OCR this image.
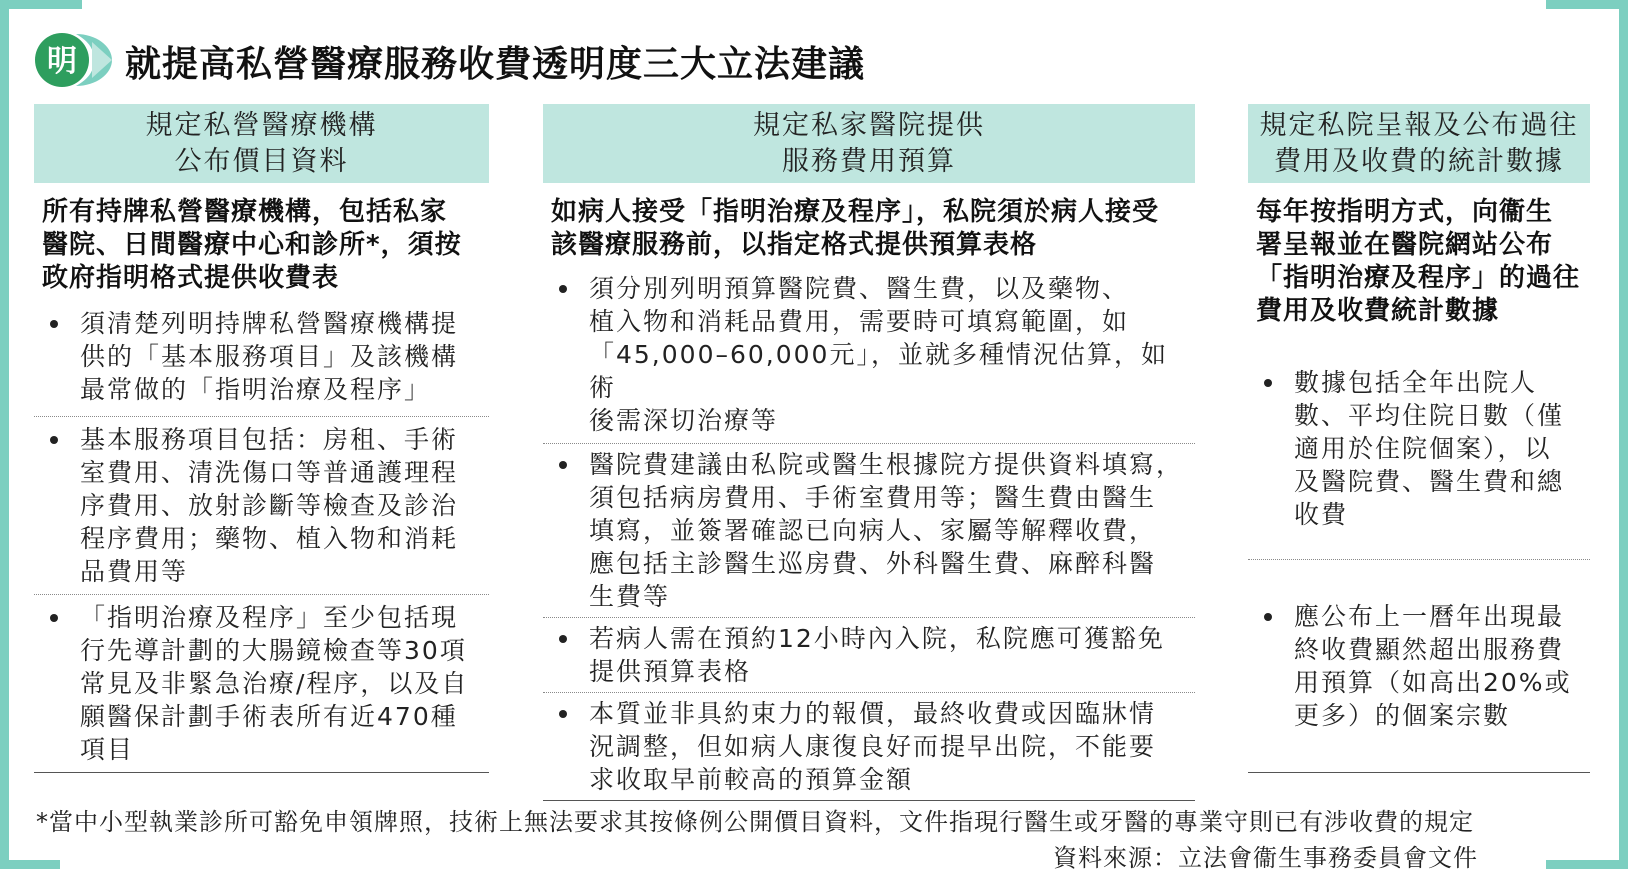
明 就提高私營醫療服務收費透明度三大立法建議
規定私營醫療機構
公布價目資料
所有持牌私營醫療機構，包括私家
醫院、日間醫療中心和診所*，須按
政府指明格式提供收費表
須清楚列明持牌私營醫療機構提
供的「基本服務項目」及該機構
最常做的「指明治療及程序」
基本服務項目包括：房租、手術
室費用、清洗傷口等普通護理程
序費用、放射診斷等檢查及診治
程序費用；藥物、植入物和消耗
品費用等
「指明治療及程序」至少包括現
行先導計劃的大腸鏡檢查等30項
常見及非緊急治療/程序，以及自
願醫保計劃手術表所有近470種
項目
規定私家醫院提供
服務費用預算
如病人接受「指明治療及程序」，私院須於病人接受
該醫療服務前，以指定格式提供預算表格
須分別列明預算醫院費、醫生費，以及藥物、
植入物和消耗品費用，需要時可填寫範圍，如
「45,000–60,000元」，並就多種情況估算，如術
後需深切治療等
醫院費建議由私院或醫生根據院方提供資料填寫，
須包括病房費用、手術室費用等；醫生費由醫生
填寫，並簽署確認已向病人、家屬等解釋收費，
應包括主診醫生巡房費、外科醫生費、麻醉科醫
生費等
若病人需在預約12小時內入院，私院應可獲豁免
提供預算表格
本質並非具約束力的報價，最終收費或因臨牀情
況調整，但如病人康復良好而提早出院，不能要
求收取早前較高的預算金額
規定私院呈報及公布過往
費用及收費的統計數據
每年按指明方式，向衞生
署呈報並在醫院網站公布
「指明治療及程序」的過往
費用及收費統計數據
數據包括全年出院人
數、平均住院日數（僅
適用於住院個案），以
及醫院費、醫生費和總
收費
應公布上一曆年出現最
終收費顯然超出服務費
用預算（如高出20%或
更多）的個案宗數
*當中小型執業診所可豁免申領牌照，技術上無法要求其按條例公開價目資料，文件指現行醫生或牙醫的專業守則已有涉收費的規定
資料來源：立法會衞生事務委員會文件
